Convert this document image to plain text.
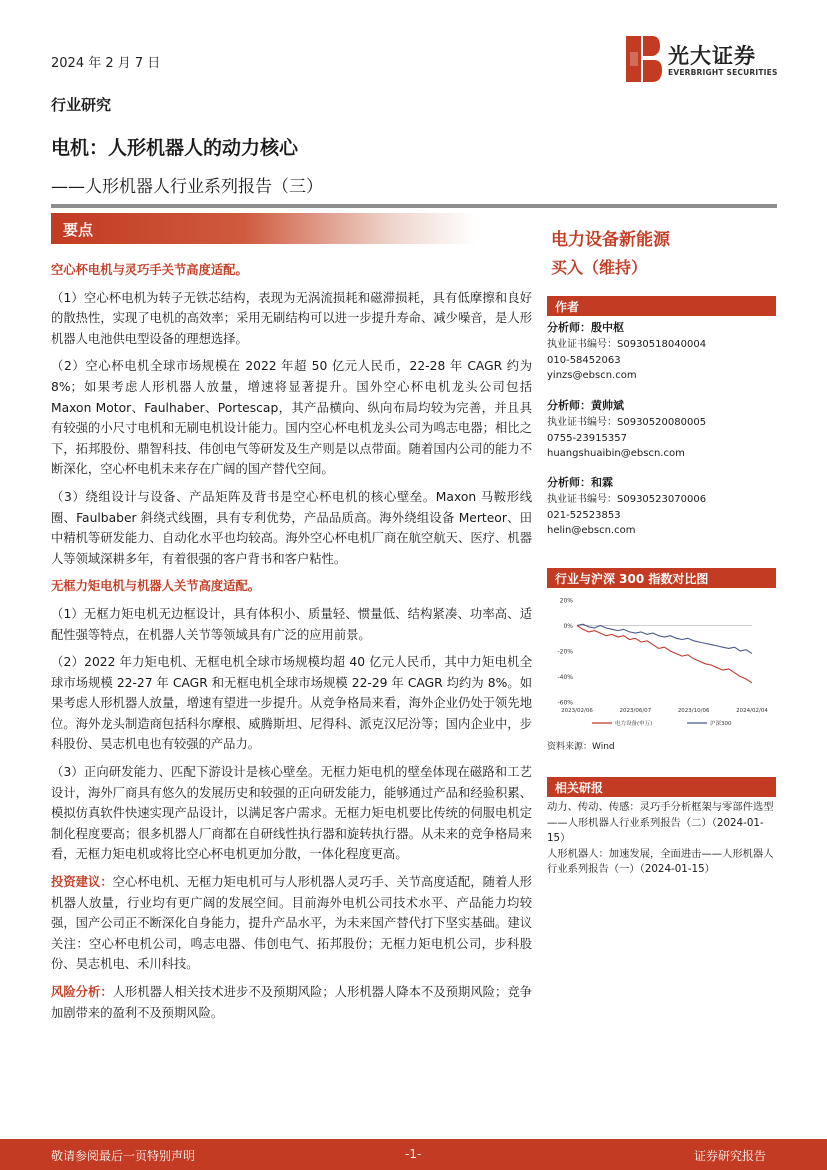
2024 年 2 月 7 日	光大证券
EVERBRIGHT SECURITIES
行业研究
电机：人形机器人的动力核心
——人形机器人行业系列报告（三）
要点
空心杯电机与灵巧手关节高度适配。

（1）空心杯电机为转子无铁芯结构，表现为无涡流损耗和磁滞损耗，具有低摩擦和良好的散热性，实现了电机的高效率；采用无刷结构可以进一步提升寿命、减少噪音，是人形机器人电池供电型设备的理想选择。

（2）空心杯电机全球市场规模在 2022 年超 50 亿元人民币，22-28 年 CAGR 约为 8%；如果考虑人形机器人放量，增速将显著提升。国外空心杯电机龙头公司包括 Maxon Motor、Faulhaber、Portescap，其产品横向、纵向布局均较为完善，并且具有较强的小尺寸电机和无刷电机设计能力。国内空心杯电机龙头公司为鸣志电器；相比之下，拓邦股份、鼎智科技、伟创电气等研发及生产则是以点带面。随着国内公司的能力不断深化，空心杯电机未来存在广阔的国产替代空间。

（3）绕组设计与设备、产品矩阵及背书是空心杯电机的核心壁垒。Maxon 马鞍形线圈、Faulbaber 斜绕式线圈，具有专利优势，产品品质高。海外绕组设备 Merteor、田中精机等研发能力、自动化水平也均较高。海外空心杯电机厂商在航空航天、医疗、机器人等领域深耕多年，有着很强的客户背书和客户粘性。

无框力矩电机与机器人关节高度适配。

（1）无框力矩电机无边框设计，具有体积小、质量轻、惯量低、结构紧凑、功率高、适配性强等特点，在机器人关节等领域具有广泛的应用前景。

（2）2022 年力矩电机、无框电机全球市场规模均超 40 亿元人民币，其中力矩电机全球市场规模 22-27 年 CAGR 和无框电机全球市场规模 22-29 年 CAGR 均约为 8%。如果考虑人形机器人放量，增速有望进一步提升。从竞争格局来看，海外企业仍处于领先地位。海外龙头制造商包括科尔摩根、威腾斯坦、尼得科、派克汉尼汾等；国内企业中，步科股份、昊志机电也有较强的产品力。

（3）正向研发能力、匹配下游设计是核心壁垒。无框力矩电机的壁垒体现在磁路和工艺设计，海外厂商具有悠久的发展历史和较强的正向研发能力，能够通过产品和经验积累、模拟仿真软件快速实现产品设计，以满足客户需求。无框力矩电机要比传统的伺服电机定制化程度要高；很多机器人厂商都在自研线性执行器和旋转执行器。从未来的竞争格局来看，无框力矩电机或将比空心杯电机更加分散，一体化程度更高。

投资建议：空心杯电机、无框力矩电机可与人形机器人灵巧手、关节高度适配，随着人形机器人放量，行业均有更广阔的发展空间。目前海外电机公司技术水平、产品能力均较强，国产公司正不断深化自身能力，提升产品水平，为未来国产替代打下坚实基础。建议关注：空心杯电机公司，鸣志电器、伟创电气、拓邦股份；无框力矩电机公司，步科股份、昊志机电、禾川科技。

风险分析：人形机器人相关技术进步不及预期风险；人形机器人降本不及预期风险；竞争加剧带来的盈利不及预期风险。

电力设备新能源
买入（维持）
作者
分析师：殷中枢
执业证书编号：S0930518040004
010-58452063
yinzs@ebscn.com
分析师：黄帅斌
执业证书编号：S0930520080005
0755-23915357
huangshuaibin@ebscn.com
分析师：和霖
执业证书编号：S0930523070006
021-52523853
helin@ebscn.com
行业与沪深 300 指数对比图
20%
0%
-20%
-40%
-60%
2023/02/06	2023/06/07	2023/10/06	2024/02/04
电力设备(申万)	沪深300
资料来源：Wind
相关研报

动力、传动、传感：灵巧手分析框架与零部件选型——人形机器人行业系列报告（二）（2024-01-15）

人形机器人：加速发展，全面进击——人形机器人行业系列报告（一）（2024-01-15）

敬请参阅最后一页特别声明	-1-	证券研究报告
